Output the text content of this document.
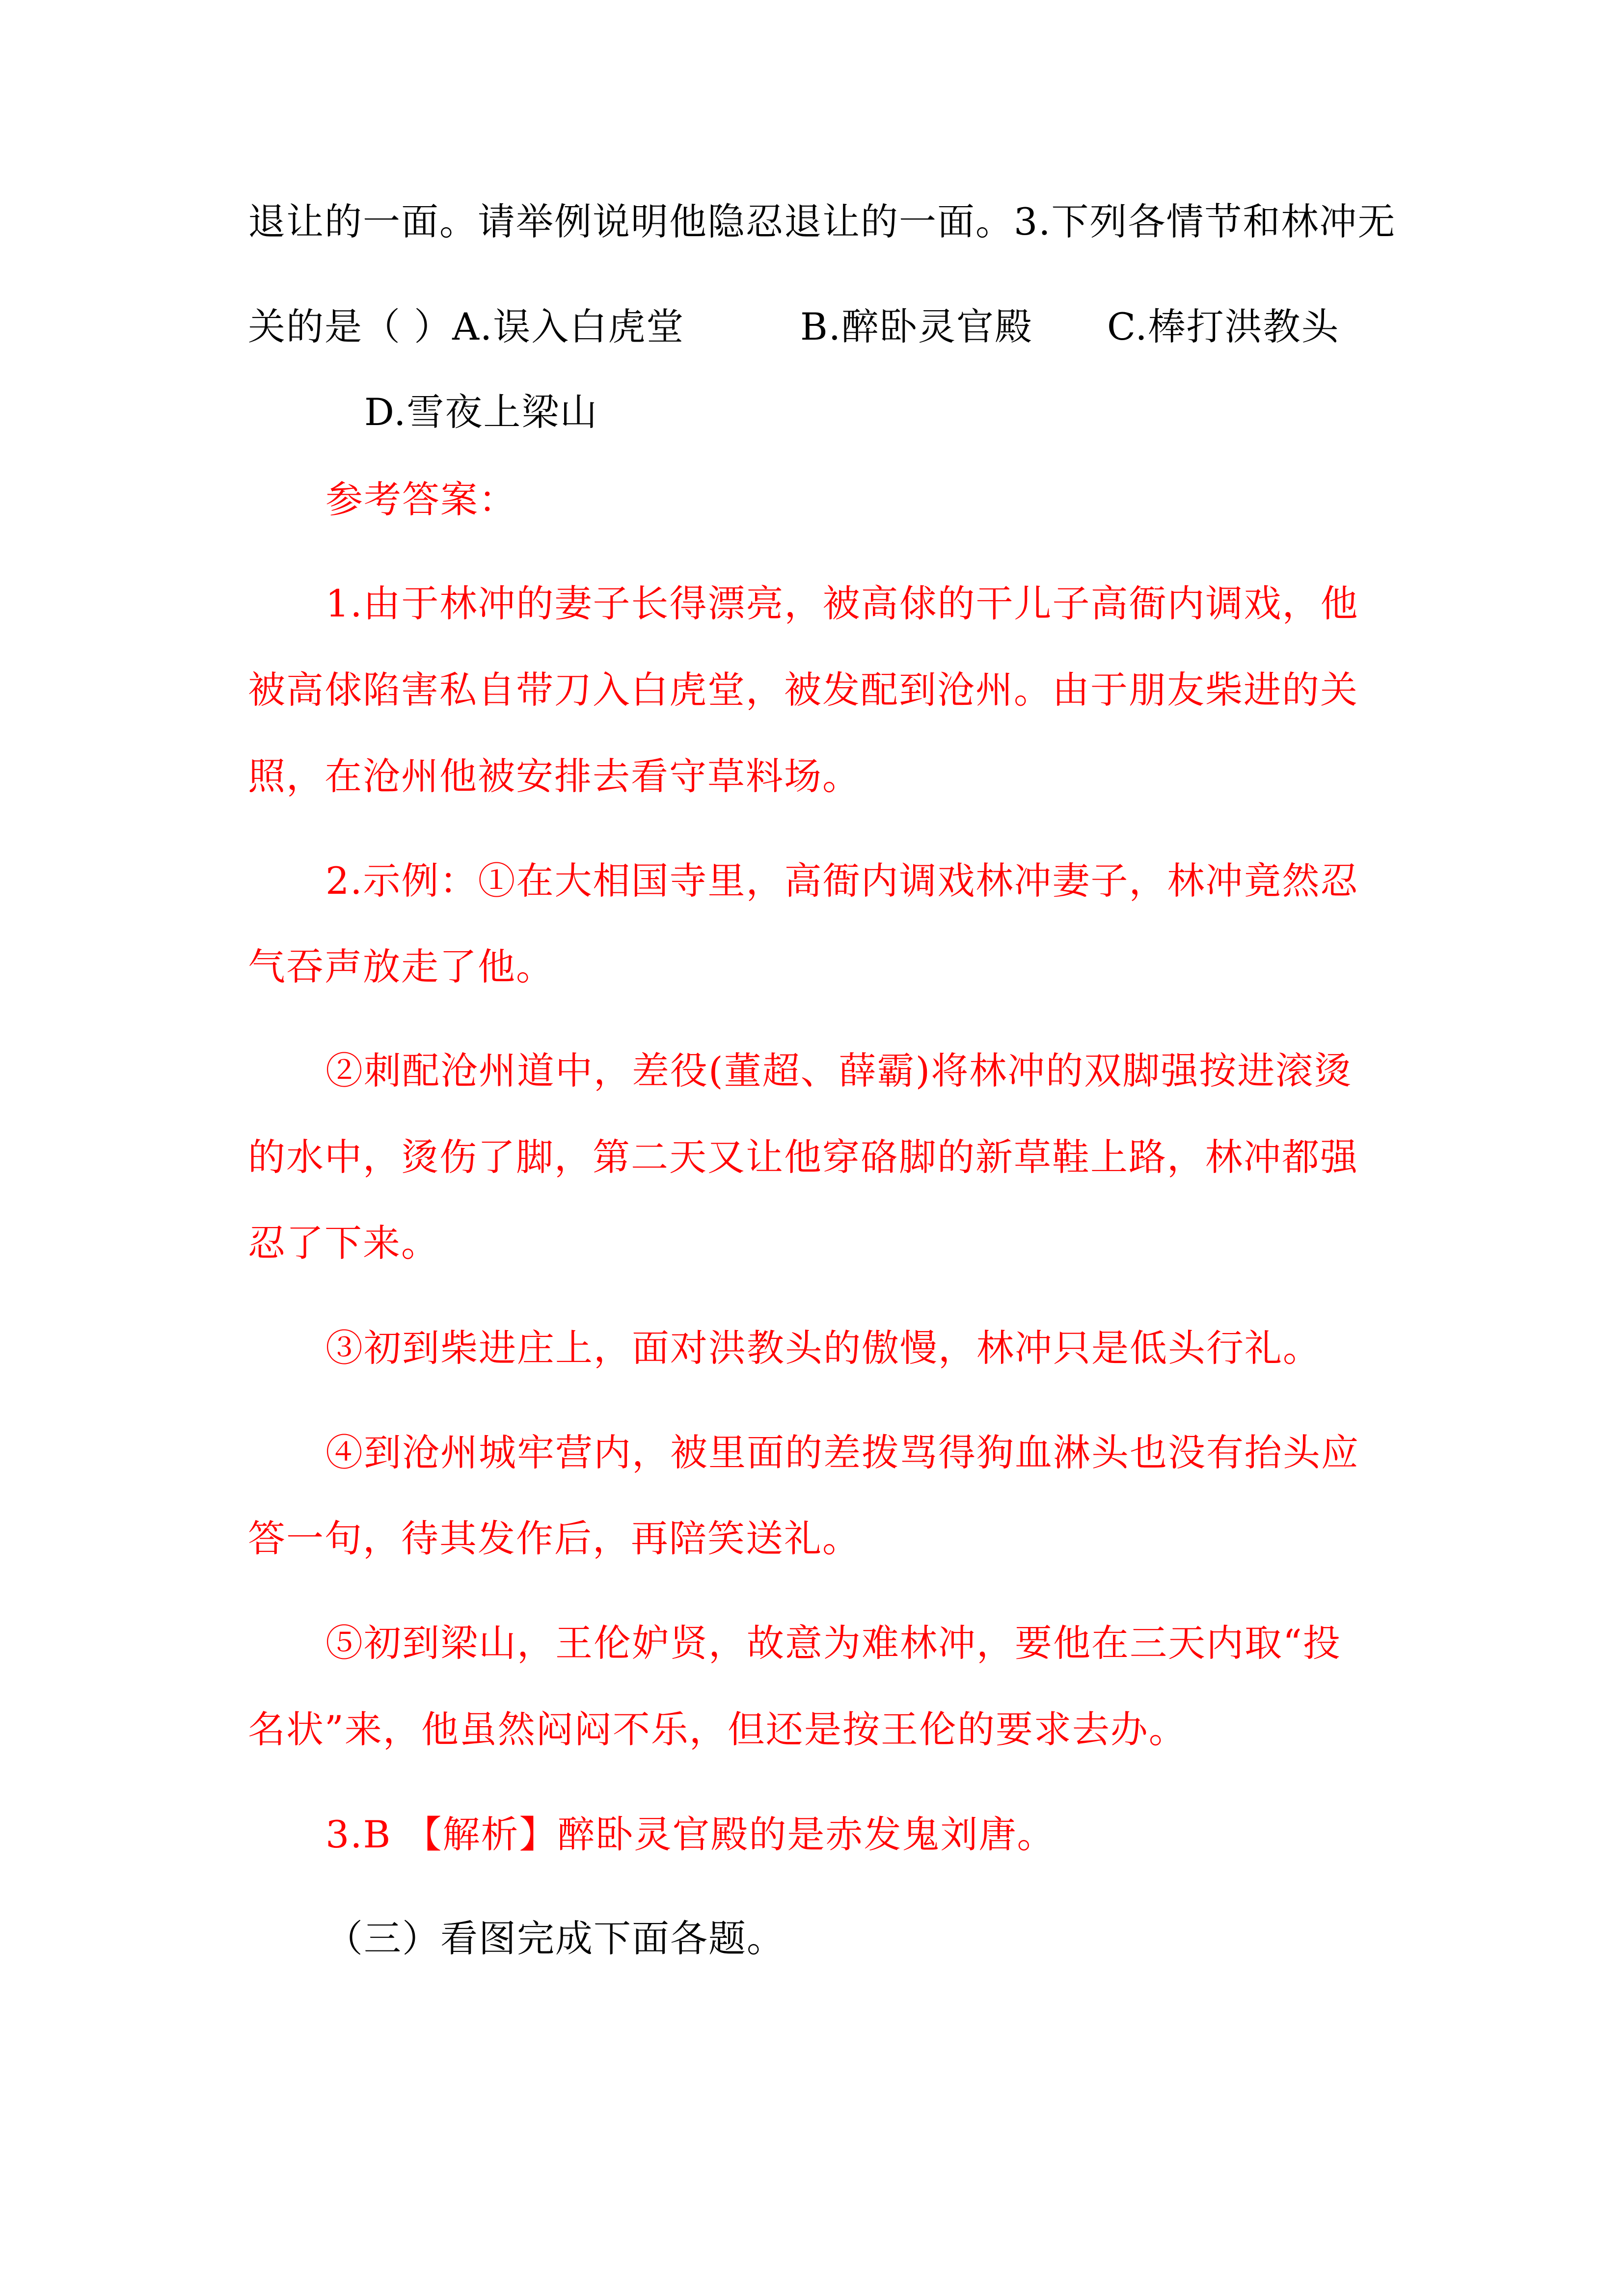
退让的一面。请举例说明他隐忍退让的一面。3.下列各情节和林冲无
关的是（ ）A.误入白虎堂	B.醉卧灵官殿 C.棒打洪教头
D.雪夜上梁山
参考答案：
1.由于林冲的妻子长得漂亮，被高俅的干儿子高衙内调戏，他
被高俅陷害私自带刀入白虎堂，被发配到沧州。由于朋友柴进的关
照，在沧州他被安排去看守草料场。
2.示例：①在大相国寺里，高衙内调戏林冲妻子，林冲竟然忍
气吞声放走了他。
②刺配沧州道中，差役(董超、薛霸)将林冲的双脚强按进滚烫
的水中，烫伤了脚，第二天又让他穿硌脚的新草鞋上路，林冲都强
忍了下来。
③初到柴进庄上，面对洪教头的傲慢，林冲只是低头行礼。
④到沧州城牢营内，被里面的差拨骂得狗血淋头也没有抬头应
答一句，待其发作后，再陪笑送礼。
⑤初到梁山，王伦妒贤，故意为难林冲，要他在三天内取“投
名状”来，他虽然闷闷不乐，但还是按王伦的要求去办。
3.B 【解析】醉卧灵官殿的是赤发鬼刘唐。
（三）看图完成下面各题。
